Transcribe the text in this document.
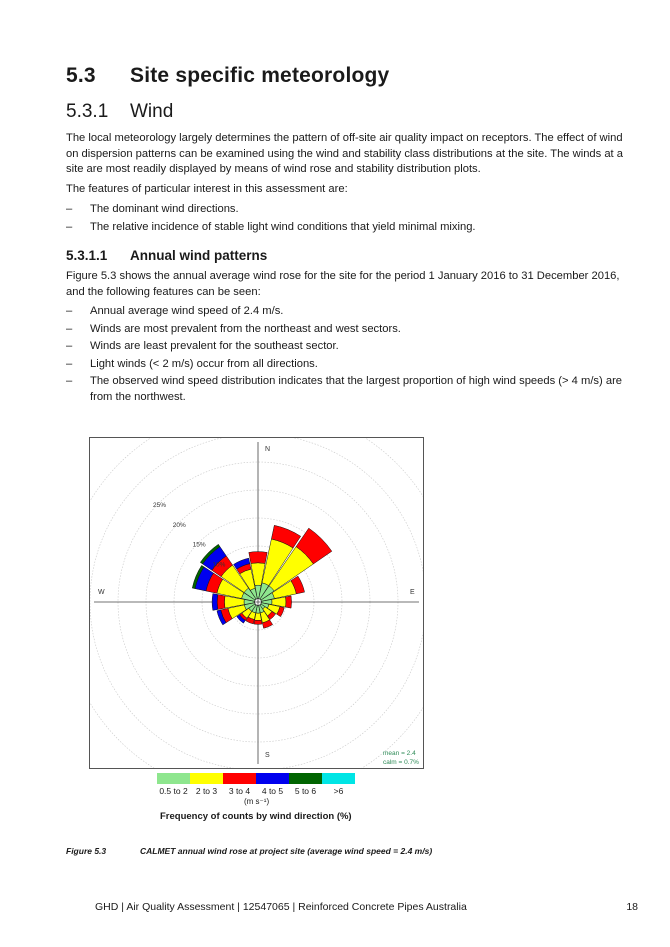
5.3 Site specific meteorology
5.3.1 Wind

The local meteorology largely determines the pattern of off-site air quality impact on receptors. The effect of wind on dispersion patterns can be examined using the wind and stability class distributions at the site. The winds at a site are most readily displayed by means of wind rose and stability distribution plots.

The features of particular interest in this assessment are:

– The dominant wind directions.
– The relative incidence of stable light wind conditions that yield minimal mixing.
5.3.1.1 Annual wind patterns

Figure 5.3 shows the annual average wind rose for the site for the period 1 January 2016 to 31 December 2016, and the following features can be seen:

– Annual average wind speed of 2.4 m/s.
– Winds are most prevalent from the northeast and west sectors.
– Winds are least prevalent for the southeast sector.
– Light winds (< 2 m/s) occur from all directions.
– The observed wind speed distribution indicates that the largest proportion of high wind speeds (> 4 m/s) are from the northwest.
N
E
S
W
10%
15%
20%
25%
mean = 2.4
calm = 0.7%
0.5 to 2 2 to 3	3 to 4	4 to 5	5 to 6	>6
(m s⁻¹)
Frequency of counts by wind direction (%)
Figure 5.3	CALMET annual wind rose at project site (average wind speed = 2.4 m/s)
GHD | Air Quality Assessment | 12547065 | Reinforced Concrete Pipes Australia	18
